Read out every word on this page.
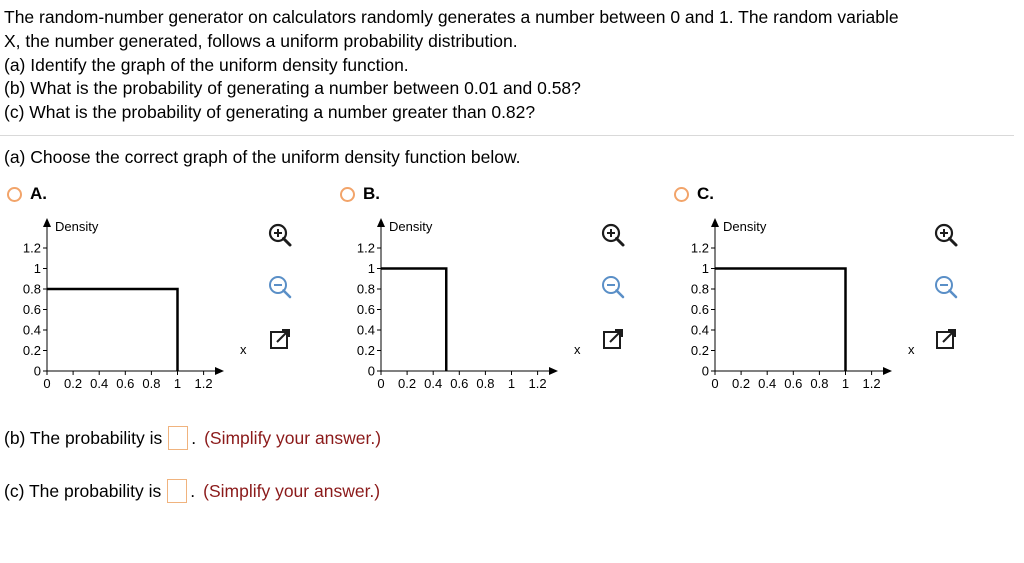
The random-number generator on calculators randomly generates a number between 0 and 1. The random variable

X, the number generated, follows a uniform probability distribution.

(a) Identify the graph of the uniform density function.

(b) What is the probability of generating a number between 0.01 and 0.58?

(c) What is the probability of generating a number greater than 0.82?

(a) Choose the correct graph of the uniform density function below.
A.
Density
x
0
0.2
0.4
0.6
0.8
1
1.2
0 0.2 0.4 0.6 0.8 1 1.2
B.
Density
x
0
0.2
0.4
0.6
0.8
1
1.2
0 0.2 0.4 0.6 0.8 1 1.2
C.
Density
x
0
0.2
0.4
0.6
0.8
1
1.2
0 0.2 0.4 0.6 0.8 1 1.2
(b) The probability is . (Simplify your answer.)
(c) The probability is . (Simplify your answer.)
